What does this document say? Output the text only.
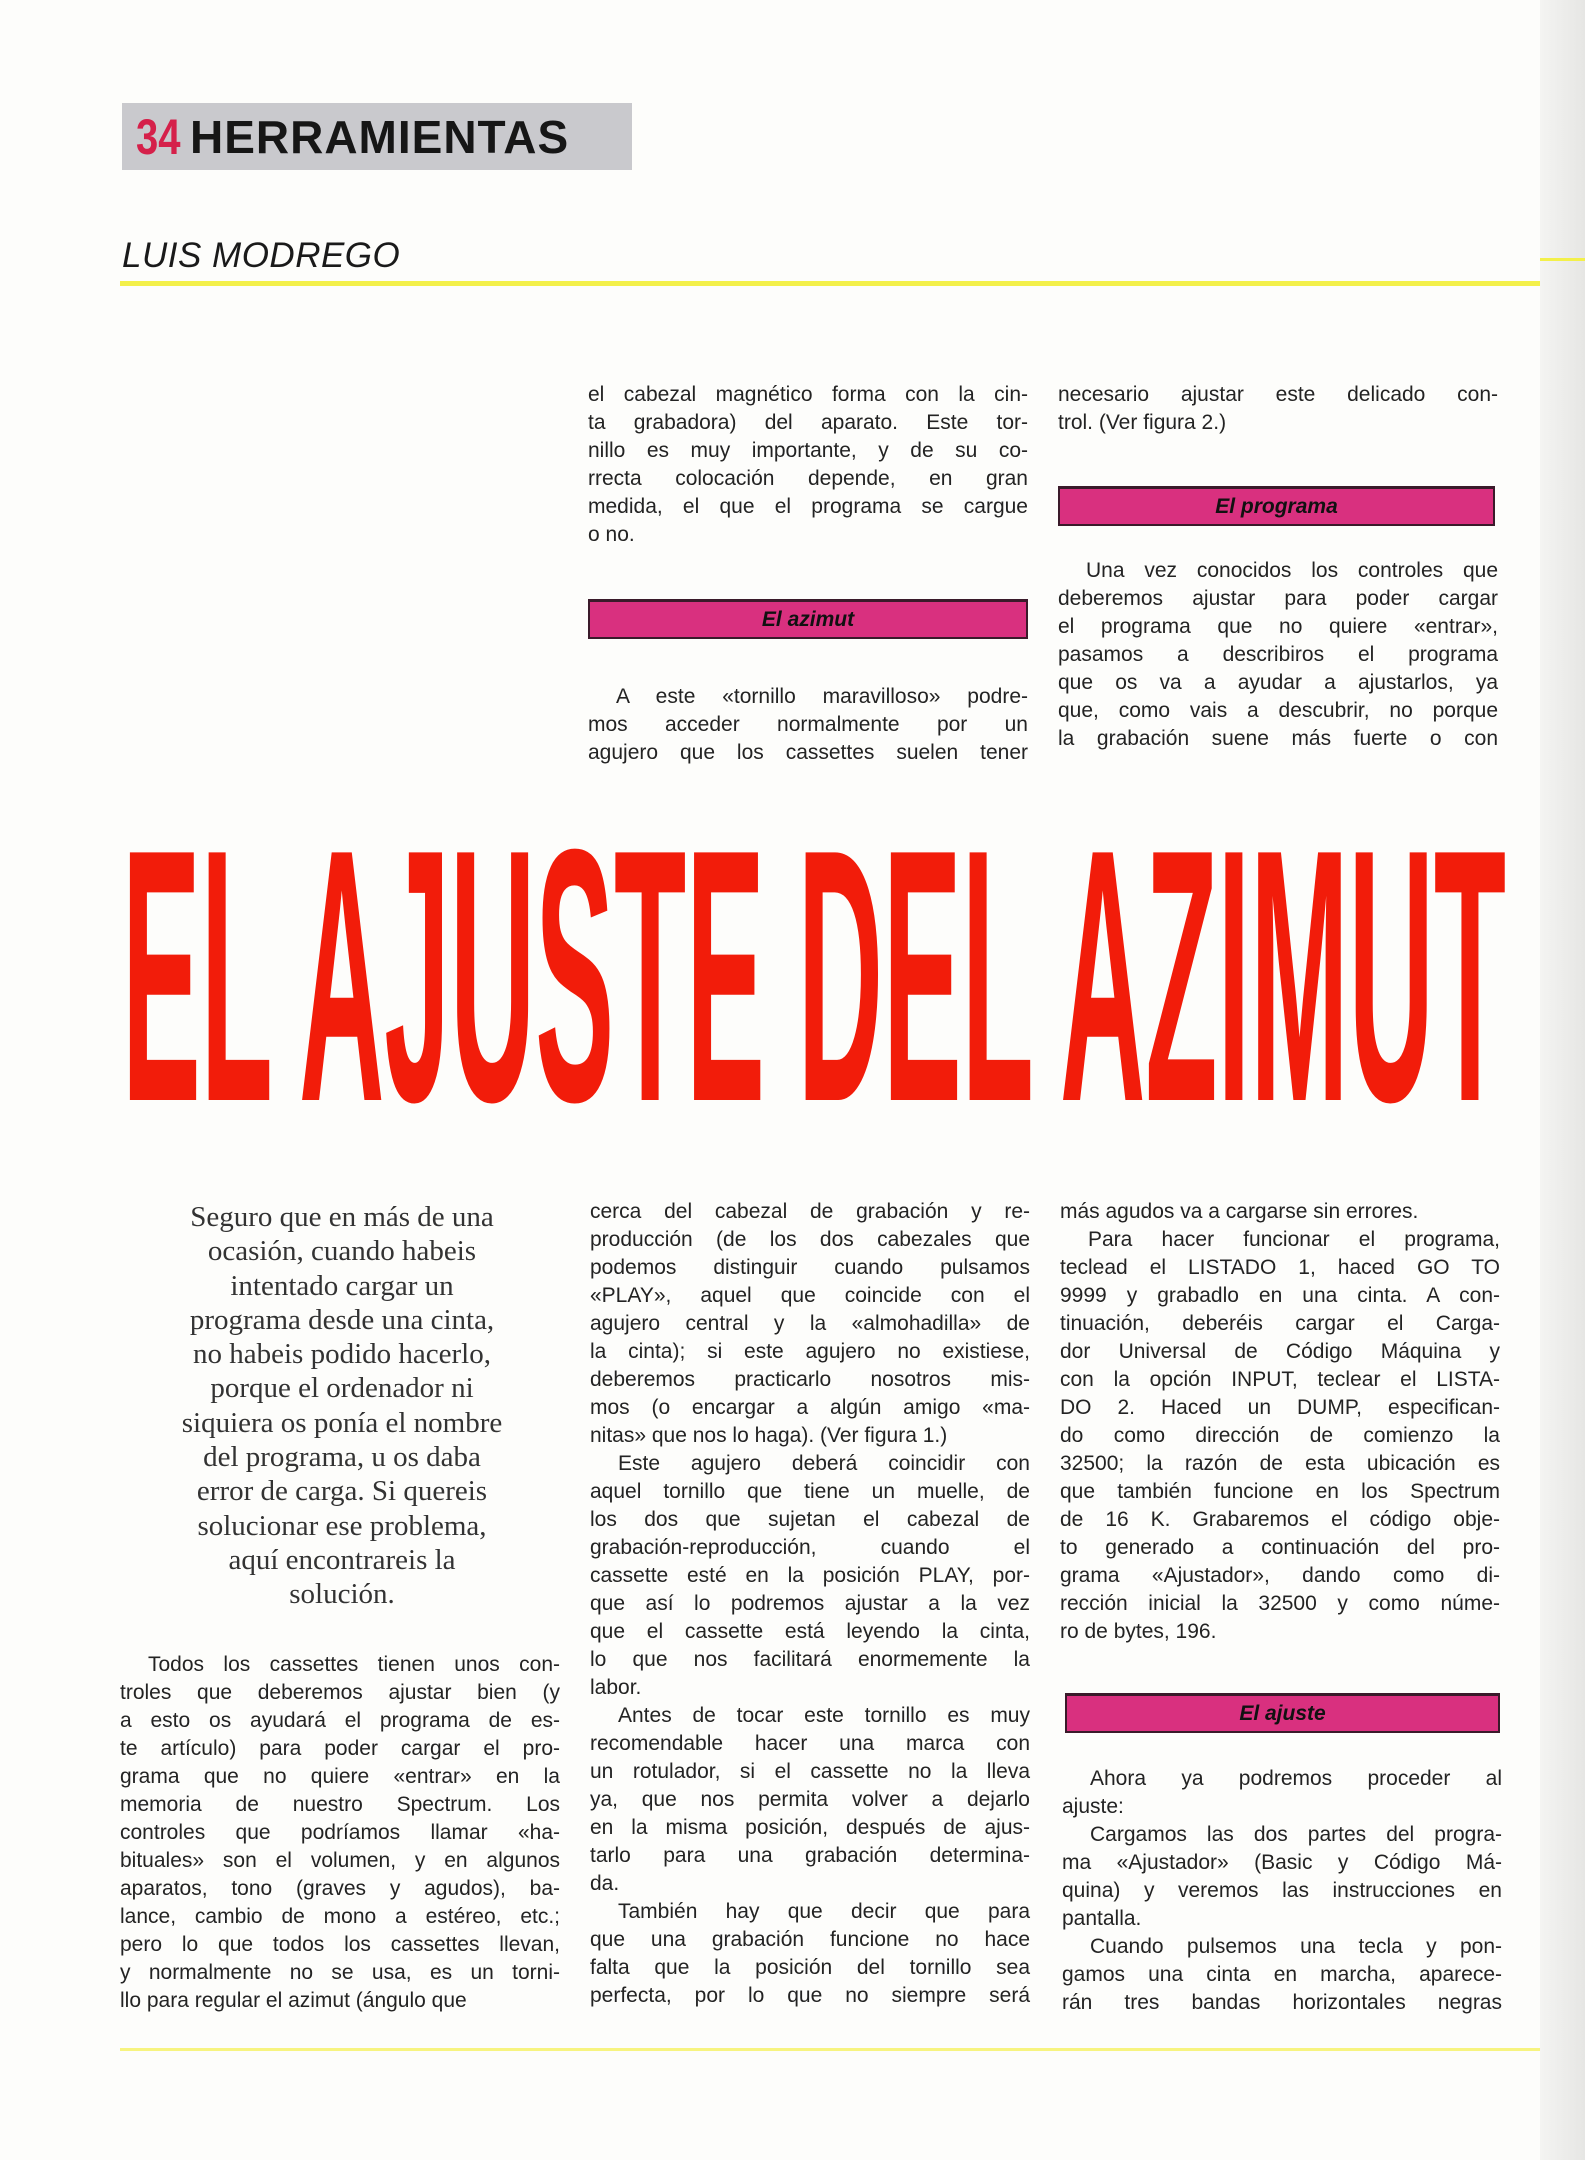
34 HERRAMIENTAS
LUIS MODREGO
el cabezal magnético forma con la cin-
ta grabadora) del aparato. Este tor-
nillo es muy importante, y de su co-
rrecta colocación depende, en gran
medida, el que el programa se cargue
o no.
El azimut
A este «tornillo maravilloso» podre-
mos acceder normalmente por un
agujero que los cassettes suelen tener
necesario ajustar este delicado con-
trol. (Ver figura 2.)
El programa
Una vez conocidos los controles que
deberemos ajustar para poder cargar
el programa que no quiere «entrar»,
pasamos a describiros el programa
que os va a ayudar a ajustarlos, ya
que, como vais a descubrir, no porque
la grabación suene más fuerte o con
EL AJUSTE DEL AZIMUT
Seguro que en más de una
ocasión, cuando habeis
intentado cargar un
programa desde una cinta,
no habeis podido hacerlo,
porque el ordenador ni
siquiera os ponía el nombre
del programa, u os daba
error de carga. Si quereis
solucionar ese problema,
aquí encontrareis la
solución.
Todos los cassettes tienen unos con-
troles que deberemos ajustar bien (y
a esto os ayudará el programa de es-
te artículo) para poder cargar el pro-
grama que no quiere «entrar» en la
memoria de nuestro Spectrum. Los
controles que podríamos llamar «ha-
bituales» son el volumen, y en algunos
aparatos, tono (graves y agudos), ba-
lance, cambio de mono a estéreo, etc.;
pero lo que todos los cassettes llevan,
y normalmente no se usa, es un torni-
llo para regular el azimut (ángulo que
cerca del cabezal de grabación y re-
producción (de los dos cabezales que
podemos distinguir cuando pulsamos
«PLAY», aquel que coincide con el
agujero central y la «almohadilla» de
la cinta); si este agujero no existiese,
deberemos practicarlo nosotros mis-
mos (o encargar a algún amigo «ma-
nitas» que nos lo haga). (Ver figura 1.)
Este agujero deberá coincidir con
aquel tornillo que tiene un muelle, de
los dos que sujetan el cabezal de
grabación-reproducción, cuando el
cassette esté en la posición PLAY, por-
que así lo podremos ajustar a la vez
que el cassette está leyendo la cinta,
lo que nos facilitará enormemente la
labor.
Antes de tocar este tornillo es muy
recomendable hacer una marca con
un rotulador, si el cassette no la lleva
ya, que nos permita volver a dejarlo
en la misma posición, después de ajus-
tarlo para una grabación determina-
da.
También hay que decir que para
que una grabación funcione no hace
falta que la posición del tornillo sea
perfecta, por lo que no siempre será
más agudos va a cargarse sin errores.
Para hacer funcionar el programa,
teclead el LISTADO 1, haced GO TO
9999 y grabadlo en una cinta. A con-
tinuación, deberéis cargar el Carga-
dor Universal de Código Máquina y
con la opción INPUT, teclear el LISTA-
DO 2. Haced un DUMP, especifican-
do como dirección de comienzo la
32500; la razón de esta ubicación es
que también funcione en los Spectrum
de 16 K. Grabaremos el código obje-
to generado a continuación del pro-
grama «Ajustador», dando como di-
rección inicial la 32500 y como núme-
ro de bytes, 196.
El ajuste
Ahora ya podremos proceder al
ajuste:
Cargamos las dos partes del progra-
ma «Ajustador» (Basic y Código Má-
quina) y veremos las instrucciones en
pantalla.
Cuando pulsemos una tecla y pon-
gamos una cinta en marcha, aparece-
rán tres bandas horizontales negras
